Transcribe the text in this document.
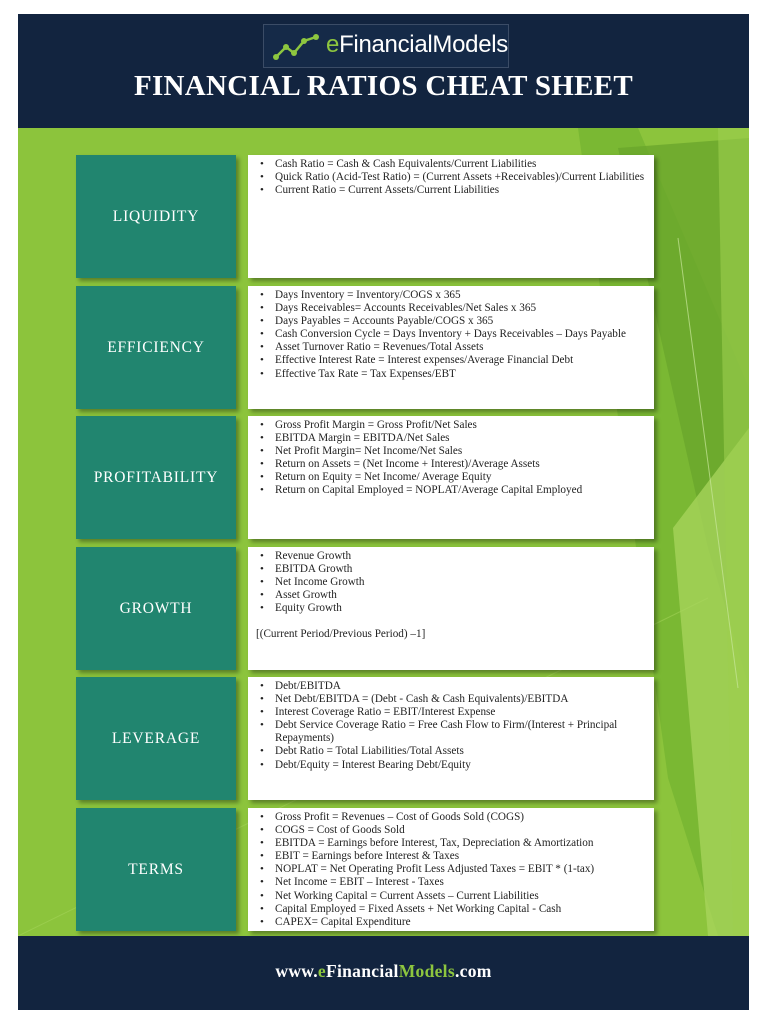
eFinancialModels
FINANCIAL RATIOS CHEAT SHEET
LIQUIDITY
• Cash Ratio = Cash & Cash Equivalents/Current Liabilities
• Quick Ratio (Acid-Test Ratio) = (Current Assets +Receivables)/Current Liabilities
• Current Ratio = Current Assets/Current Liabilities
EFFICIENCY
• Days Inventory = Inventory/COGS x 365
• Days Receivables= Accounts Receivables/Net Sales x 365
• Days Payables = Accounts Payable/COGS x 365
• Cash Conversion Cycle = Days Inventory + Days Receivables – Days Payable
• Asset Turnover Ratio = Revenues/Total Assets
• Effective Interest Rate = Interest expenses/Average Financial Debt
• Effective Tax Rate = Tax Expenses/EBT
PROFITABILITY
• Gross Profit Margin = Gross Profit/Net Sales
• EBITDA Margin = EBITDA/Net Sales
• Net Profit Margin= Net Income/Net Sales
• Return on Assets = (Net Income + Interest)/Average Assets
• Return on Equity = Net Income/ Average Equity
• Return on Capital Employed = NOPLAT/Average Capital Employed
GROWTH
• Revenue Growth
• EBITDA Growth
• Net Income Growth
• Asset Growth
• Equity Growth
[(Current Period/Previous Period) –1]
LEVERAGE
• Debt/EBITDA
• Net Debt/EBITDA = (Debt - Cash & Cash Equivalents)/EBITDA
• Interest Coverage Ratio = EBIT/Interest Expense
• Debt Service Coverage Ratio = Free Cash Flow to Firm/(Interest + Principal Repayments)
• Debt Ratio = Total Liabilities/Total Assets
• Debt/Equity = Interest Bearing Debt/Equity
TERMS
• Gross Profit = Revenues – Cost of Goods Sold (COGS)
• COGS = Cost of Goods Sold
• EBITDA = Earnings before Interest, Tax, Depreciation & Amortization
• EBIT = Earnings before Interest & Taxes
• NOPLAT = Net Operating Profit Less Adjusted Taxes = EBIT * (1-tax)
• Net Income = EBIT – Interest - Taxes
• Net Working Capital = Current Assets – Current Liabilities
• Capital Employed = Fixed Assets + Net Working Capital - Cash
• CAPEX= Capital Expenditure
www.eFinancialModels.com
